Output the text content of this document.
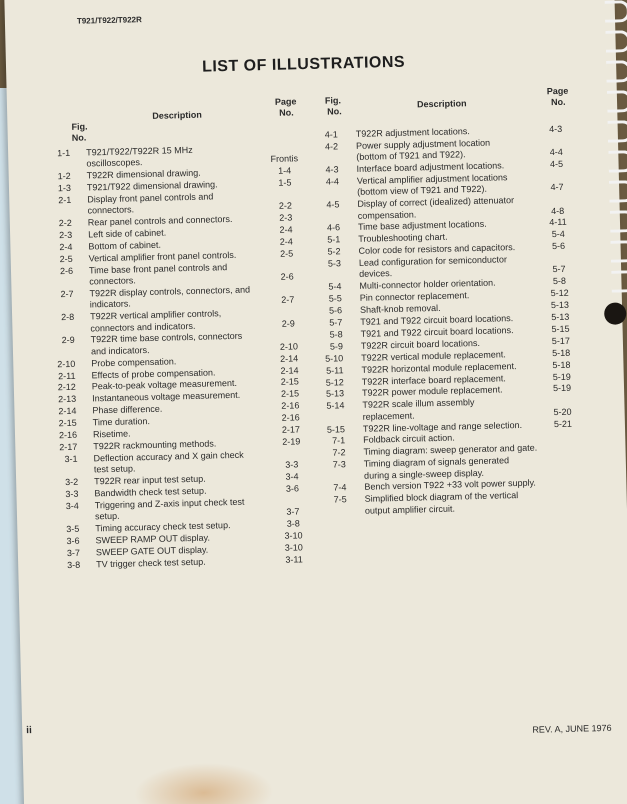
T921/T922/T922R
LIST OF ILLUSTRATIONS
Fig.
No.
Description
Page
No.
Fig.
No.
Description
Page
No.
1-1 T921/T922/T922R 15 MHz
oscilloscopes.	Frontis
1-2 T922R dimensional drawing.	1-4
1-3 T921/T922 dimensional drawing.	1-5
2-1 Display front panel controls and
connectors.	2-2
2-2 Rear panel controls and connectors.	2-3
2-3 Left side of cabinet.	2-4
2-4 Bottom of cabinet.	2-4
2-5 Vertical amplifier front panel controls.	2-5
2-6 Time base front panel controls and
connectors.	2-6
2-7 T922R display controls, connectors, and
indicators.	2-7
2-8 T922R vertical amplifier controls,
connectors and indicators.	2-9
2-9 T922R time base controls, connectors
and indicators.	2-10
2-10 Probe compensation.	2-14
2-11 Effects of probe compensation.	2-14
2-12 Peak-to-peak voltage measurement.	2-15
2-13 Instantaneous voltage measurement.	2-15
2-14 Phase difference.	2-16
2-15 Time duration.	2-16
2-16 Risetime.	2-17
2-17 T922R rackmounting methods.	2-19
3-1 Deflection accuracy and X gain check
test setup.	3-3
3-2 T922R rear input test setup.	3-4
3-3 Bandwidth check test setup.	3-6
3-4 Triggering and Z-axis input check test
setup.	3-7
3-5 Timing accuracy check test setup.	3-8
3-6 SWEEP RAMP OUT display.	3-10
3-7 SWEEP GATE OUT display.	3-10
3-8 TV trigger check test setup.	3-11
4-1 T922R adjustment locations.	4-3
4-2 Power supply adjustment location
(bottom of T921 and T922).	4-4
4-3 Interface board adjustment locations.	4-5
4-4 Vertical amplifier adjustment locations
(bottom view of T921 and T922).	4-7
4-5 Display of correct (idealized) attenuator
compensation.	4-8
4-6 Time base adjustment locations.	4-11
5-1 Troubleshooting chart.	5-4
5-2 Color code for resistors and capacitors.	5-6
5-3 Lead configuration for semiconductor
devices.	5-7
5-4 Multi-connector holder orientation.	5-8
5-5 Pin connector replacement.	5-12
5-6 Shaft-knob removal.	5-13
5-7 T921 and T922 circuit board locations.	5-13
5-8 T921 and T922 circuit board locations.	5-15
5-9 T922R circuit board locations.	5-17
5-10 T922R vertical module replacement.	5-18
5-11 T922R horizontal module replacement.	5-18
5-12 T922R interface board replacement.	5-19
5-13 T922R power module replacement.	5-19
5-14 T922R scale illum assembly
replacement.	5-20
5-15 T922R line-voltage and range selection.	5-21
7-1 Foldback circuit action.
7-2 Timing diagram: sweep generator and gate.
7-3 Timing diagram of signals generated
during a single-sweep display.
7-4 Bench version T922 +33 volt power supply.
7-5 Simplified block diagram of the vertical
output amplifier circuit.
ii	REV. A, JUNE 1976
